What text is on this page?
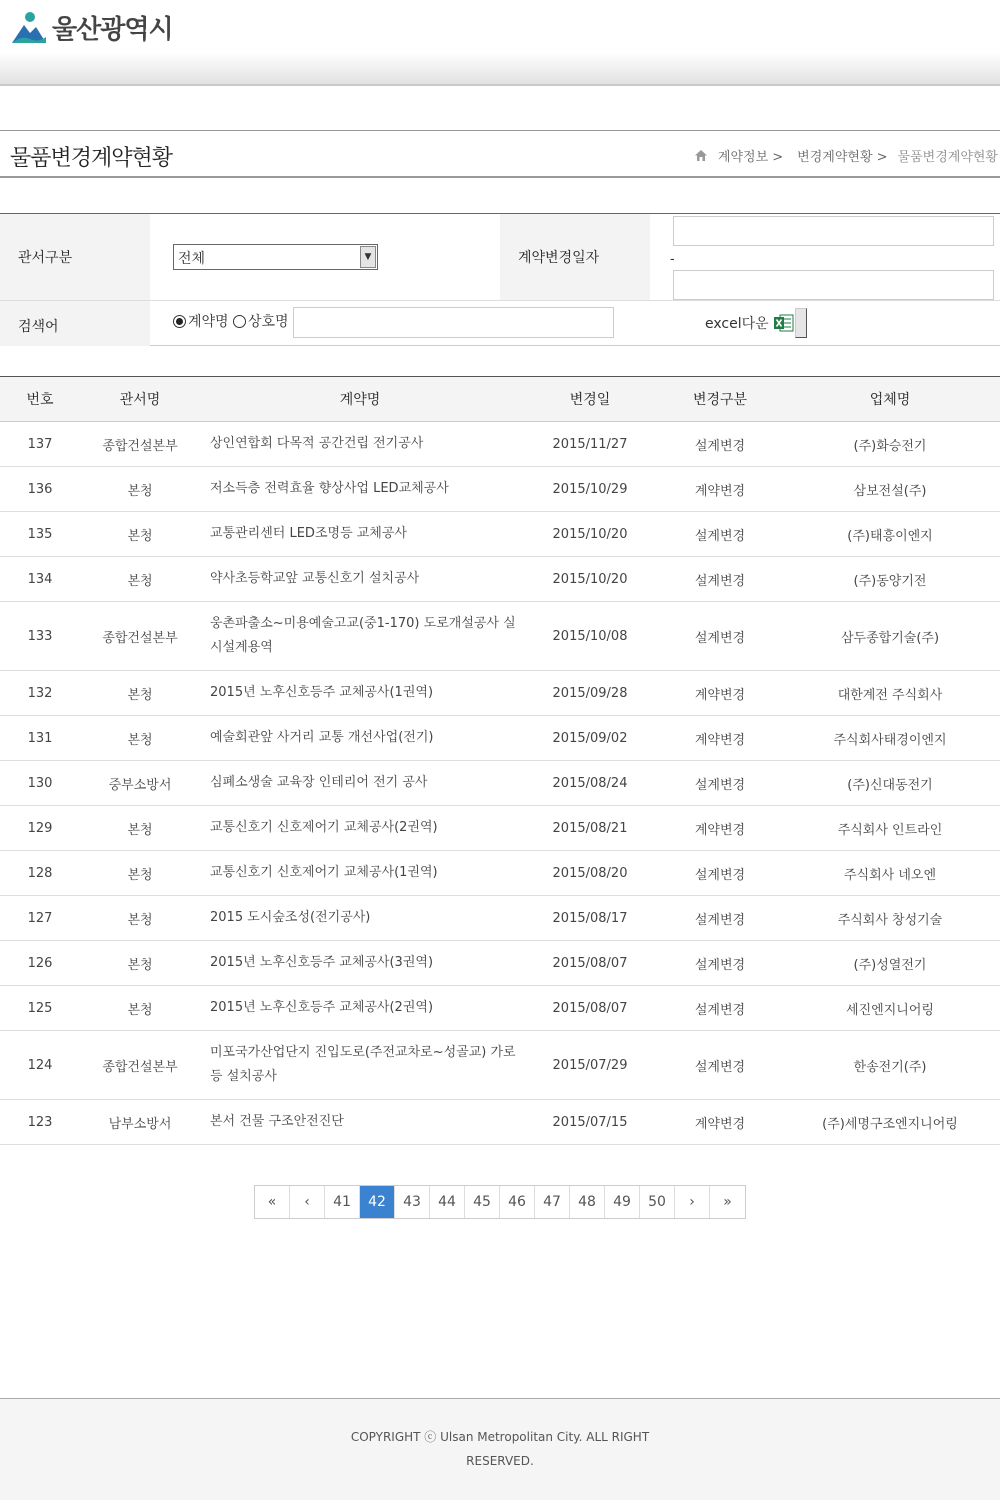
울산광역시
물품변경계약현황	계약정보 > 변경계약현황 > 물품변경계약현황
관서구분	전체	▼	계약변경일자	-
검색어	계약명 상호명	excel다운
번호	관서명	계약명	변경일	변경구분	업체명
137	종합건설본부	상인연합회 다목적 공간건립 전기공사	2015/11/27	설계변경	(주)화승전기
136	본청	저소득층 전력효율 향상사업 LED교체공사	2015/10/29	계약변경	삼보전설(주)
135	본청	교통관리센터 LED조명등 교체공사	2015/10/20	설계변경	(주)태흥이엔지
134	본청	약사초등학교앞 교통신호기 설치공사	2015/10/20	설계변경	(주)동양기전
133	종합건설본부	웅촌파출소~미용예술고교(중1-170) 도로개설공사 실시설계용역	2015/10/08	설계변경	삼두종합기술(주)
132	본청	2015년 노후신호등주 교체공사(1권역)	2015/09/28	계약변경	대한계전 주식회사
131	본청	예술회관앞 사거리 교통 개선사업(전기)	2015/09/02	계약변경	주식회사태경이엔지
130	중부소방서	심폐소생술 교육장 인테리어 전기 공사	2015/08/24	설계변경	(주)신대동전기
129	본청	교통신호기 신호제어기 교체공사(2권역)	2015/08/21	계약변경	주식회사 인트라인
128	본청	교통신호기 신호제어기 교체공사(1권역)	2015/08/20	설계변경	주식회사 네오엔
127	본청	2015 도시숲조성(전기공사)	2015/08/17	설계변경	주식회사 창성기술
126	본청	2015년 노후신호등주 교체공사(3권역)	2015/08/07	설계변경	(주)성열전기
125	본청	2015년 노후신호등주 교체공사(2권역)	2015/08/07	설계변경	세진엔지니어링
124	종합건설본부	미포국가산업단지 진입도로(주전교차로~성골교) 가로등 설치공사	2015/07/29	설계변경	한송전기(주)
123	남부소방서	본서 건물 구조안전진단	2015/07/15	계약변경	(주)세명구조엔지니어링
«	‹	41	42	43	44	45	46	47	48	49	50	›	»
COPYRIGHT ⓒ Ulsan Metropolitan City. ALL RIGHT RESERVED.
